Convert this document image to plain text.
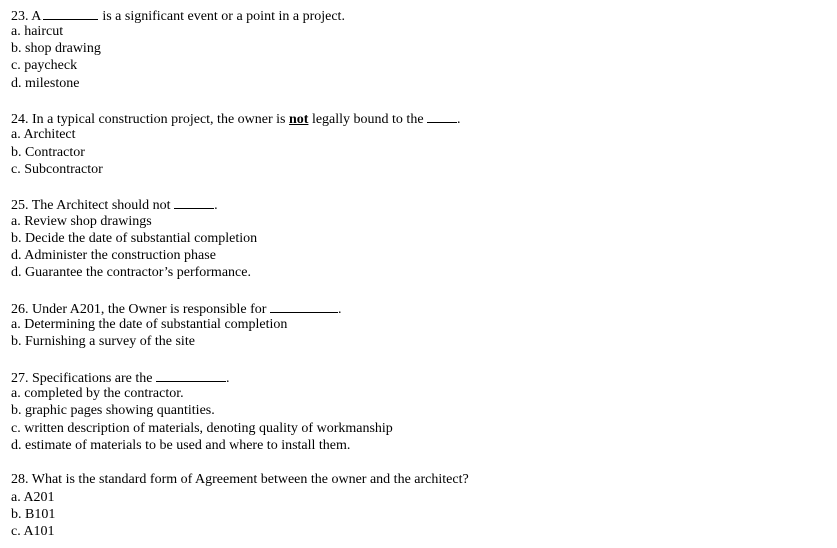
23. A	is a significant event or a point in a project.
a. haircut
b. shop drawing
c. paycheck
d. milestone
24. In a typical construction project, the owner is not legally bound to the .
a. Architect
b. Contractor
c. Subcontractor
25. The Architect should not	.
a. Review shop drawings
b. Decide the date of substantial completion
d. Administer the construction phase
d. Guarantee the contractor’s performance.
26. Under A201, the Owner is responsible for	.
a. Determining the date of substantial completion
b. Furnishing a survey of the site
27. Specifications are the	.
a. completed by the contractor.
b. graphic pages showing quantities.
c. written description of materials, denoting quality of workmanship
d. estimate of materials to be used and where to install them.
28. What is the standard form of Agreement between the owner and the architect?
a. A201
b. B101
c. A101
